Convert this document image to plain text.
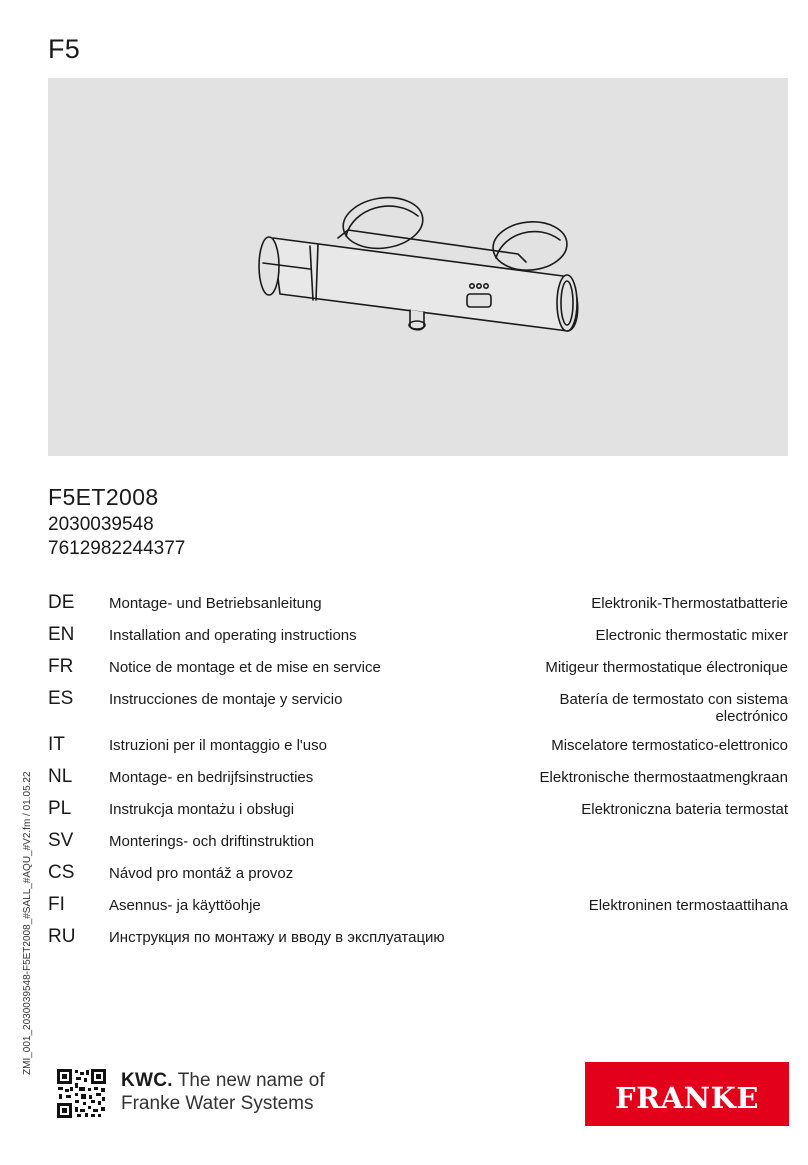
F5
F5ET2008
2030039548
7612982244377
DE Montage- und Betriebsanleitung	Elektronik-Thermostatbatterie
EN Installation and operating instructions	Electronic thermostatic mixer
FR Notice de montage et de mise en service	Mitigeur thermostatique électronique
ES Instrucciones de montaje y servicio	Batería de termostato con sistema electrónico
IT	Istruzioni per il montaggio e l'uso	Miscelatore termostatico-elettronico
NL Montage- en bedrijfsinstructies	Elektronische thermostaatmengkraan
PL	Instrukcja montażu i obsługi	Elektroniczna bateria termostat
SV Monterings- och driftinstruktion
CS Návod pro montáž a provoz
FI	Asennus- ja käyttöohje	Elektroninen termostaattihana
RU Инструкция по монтажу и вводу в эксплуатацию
ZMI_001_2030039548-F5ET2008_#SALL_#AQU_#V2.fm / 01.05.22
KWC. The new name of
Franke Water Systems	FRANKE
